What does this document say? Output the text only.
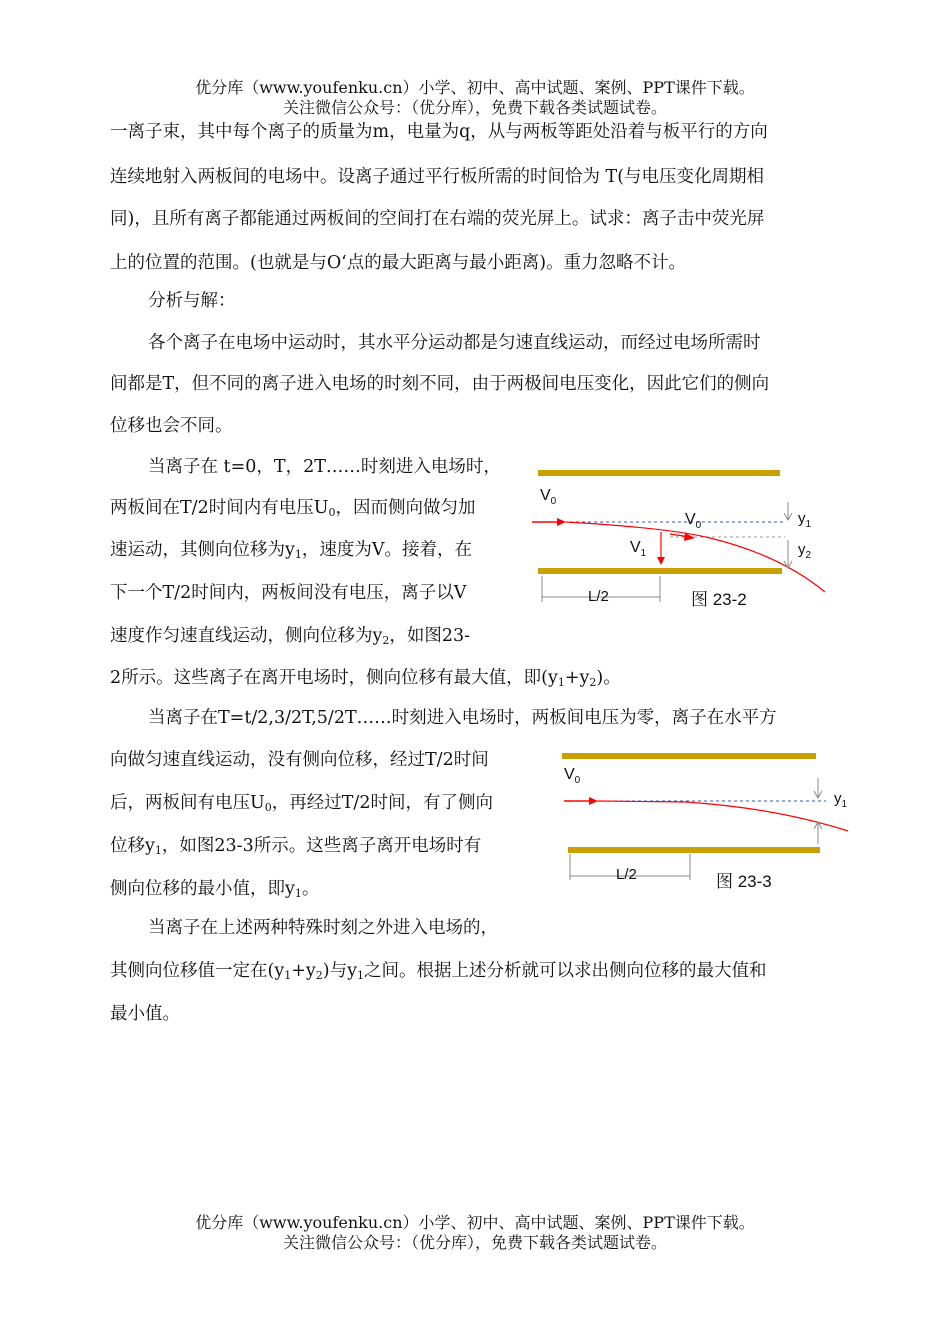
优分库（www.youfenku.cn）小学、初中、高中试题、案例、PPT课件下载。
关注微信公众号：（优分库），免费下载各类试题试卷。
一离子束，其中每个离子的质量为m，电量为q，从与两板等距处沿着与板平行的方向
连续地射入两板间的电场中。设离子通过平行板所需的时间恰为 T(与电压变化周期相
同)，且所有离子都能通过两板间的空间打在右端的荧光屏上。试求：离子击中荧光屏
上的位置的范围。(也就是与O‘点的最大距离与最小距离)。重力忽略不计。
分析与解：
各个离子在电场中运动时，其水平分运动都是匀速直线运动，而经过电场所需时
间都是T，但不同的离子进入电场的时刻不同，由于两极间电压变化，因此它们的侧向
位移也会不同。
当离子在 t=0，T，2T……时刻进入电场时，
两板间在T/2时间内有电压$U_0$，因而侧向做匀加
速运动，其侧向位移为$y_1$，速度为V。接着，在
下一个T/2时间内，两板间没有电压，离子以V
速度作匀速直线运动，侧向位移为$y_2$，如图23-
2所示。这些离子在离开电场时，侧向位移有最大值，即$(y_1+y_2)$。
当离子在T=t/2,3/2T,5/2T……时刻进入电场时，两板间电压为零，离子在水平方
向做匀速直线运动，没有侧向位移，经过T/2时间
后，两板间有电压$U_0$，再经过T/2时间，有了侧向
位移$y_1$，如图23-3所示。这些离子离开电场时有
侧向位移的最小值，即$y_1$。
当离子在上述两种特殊时刻之外进入电场的，
其侧向位移值一定在$(y_1+y_2)$与$y_1$之间。根据上述分析就可以求出侧向位移的最大值和
最小值。
$V_0$
$V_0$
$V_1$
$y_1$
$y_2$
L/2	图 23-2
$V_0$
$y_1$
L/2	图 23-3
优分库（www.youfenku.cn）小学、初中、高中试题、案例、PPT课件下载。
关注微信公众号：（优分库），免费下载各类试题试卷。
